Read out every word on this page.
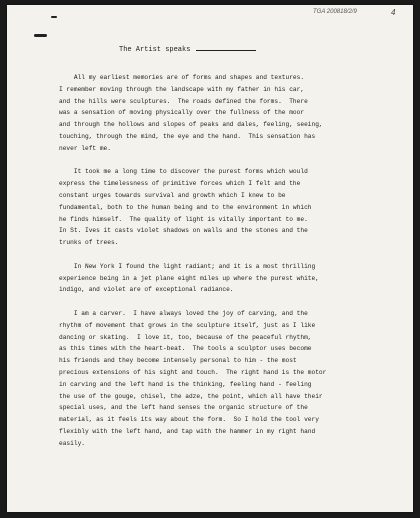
TGA 200818/2/9	4
The Artist speaks

All my earliest memories are of forms and shapes and textures.
I remember moving through the landscape with my father in his car,
and the hills were sculptures.  The roads defined the forms.  There
was a sensation of moving physically over the fullness of the moor
and through the hollows and slopes of peaks and dales, feeling, seeing,
touching, through the mind, the eye and the hand.  This sensation has
never left me.

It took me a long time to discover the purest forms which would
express the timelessness of primitive forces which I felt and the
constant urges towards survival and growth which I knew to be
fundamental, both to the human being and to the environment in which
he finds himself.  The quality of light is vitally important to me.
In St. Ives it casts violet shadows on walls and the stones and the
trunks of trees.

In New York I found the light radiant; and it is a most thrilling
experience being in a jet plane eight miles up where the purest white,
indigo, and violet are of exceptional radiance.

I am a carver.  I have always loved the joy of carving, and the
rhythm of movement that grows in the sculpture itself, just as I like
dancing or skating.  I love it, too, because of the peaceful rhythm,
as this times with the heart-beat.  The tools a sculptor uses become
his friends and they become intensely personal to him - the most
precious extensions of his sight and touch.  The right hand is the motor
in carving and the left hand is the thinking, feeling hand - feeling
the use of the gouge, chisel, the adze, the point, which all have their
special uses, and the left hand senses the organic structure of the
material, as it feels its way about the form.  So I hold the tool very
flexibly with the left hand, and tap with the hammer in my right hand
easily.
